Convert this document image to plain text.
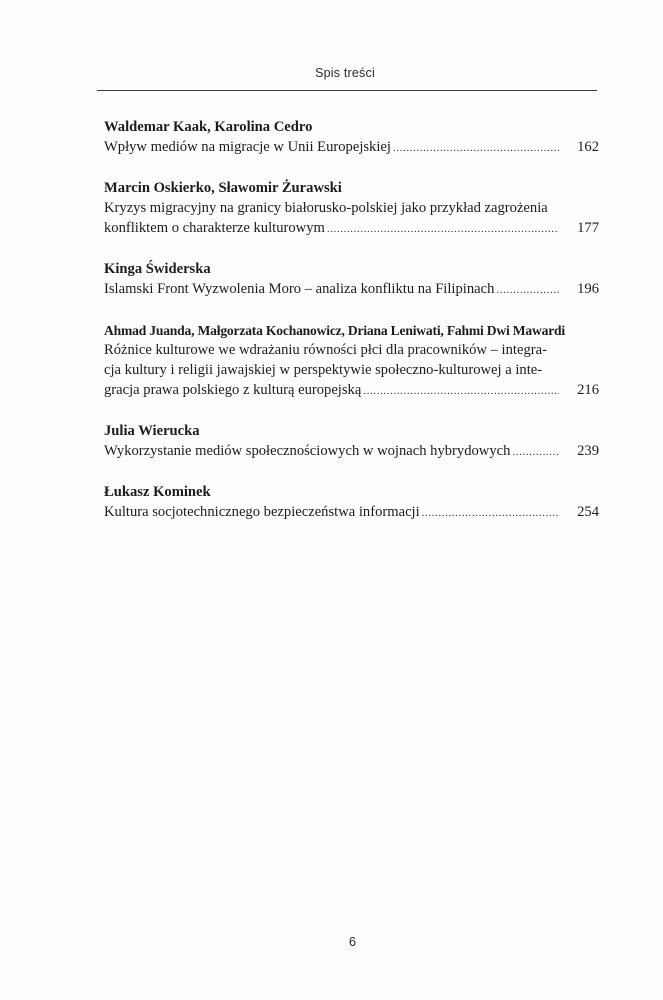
Spis treści
Waldemar Kaak, Karolina Cedro
Wpływ mediów na migracje w Unii Europejskiej .....	162
Marcin Oskierko, Sławomir Żurawski
Kryzys migracyjny na granicy białorusko-polskiej jako przykład zagrożenia
konfliktem o charakterze kulturowym .....	177
Kinga Świderska
Islamski Front Wyzwolenia Moro – analiza konfliktu na Filipinach .....	196
Ahmad Juanda, Małgorzata Kochanowicz, Driana Leniwati, Fahmi Dwi Mawardi
Różnice kulturowe we wdrażaniu równości płci dla pracowników – integra-
cja kultury i religii jawajskiej w perspektywie społeczno-kulturowej a inte-
gracja prawa polskiego z kulturą europejską .....	216
Julia Wierucka
Wykorzystanie mediów społecznościowych w wojnach hybrydowych .....	239
Łukasz Kominek
Kultura socjotechnicznego bezpieczeństwa informacji .....	254
6
